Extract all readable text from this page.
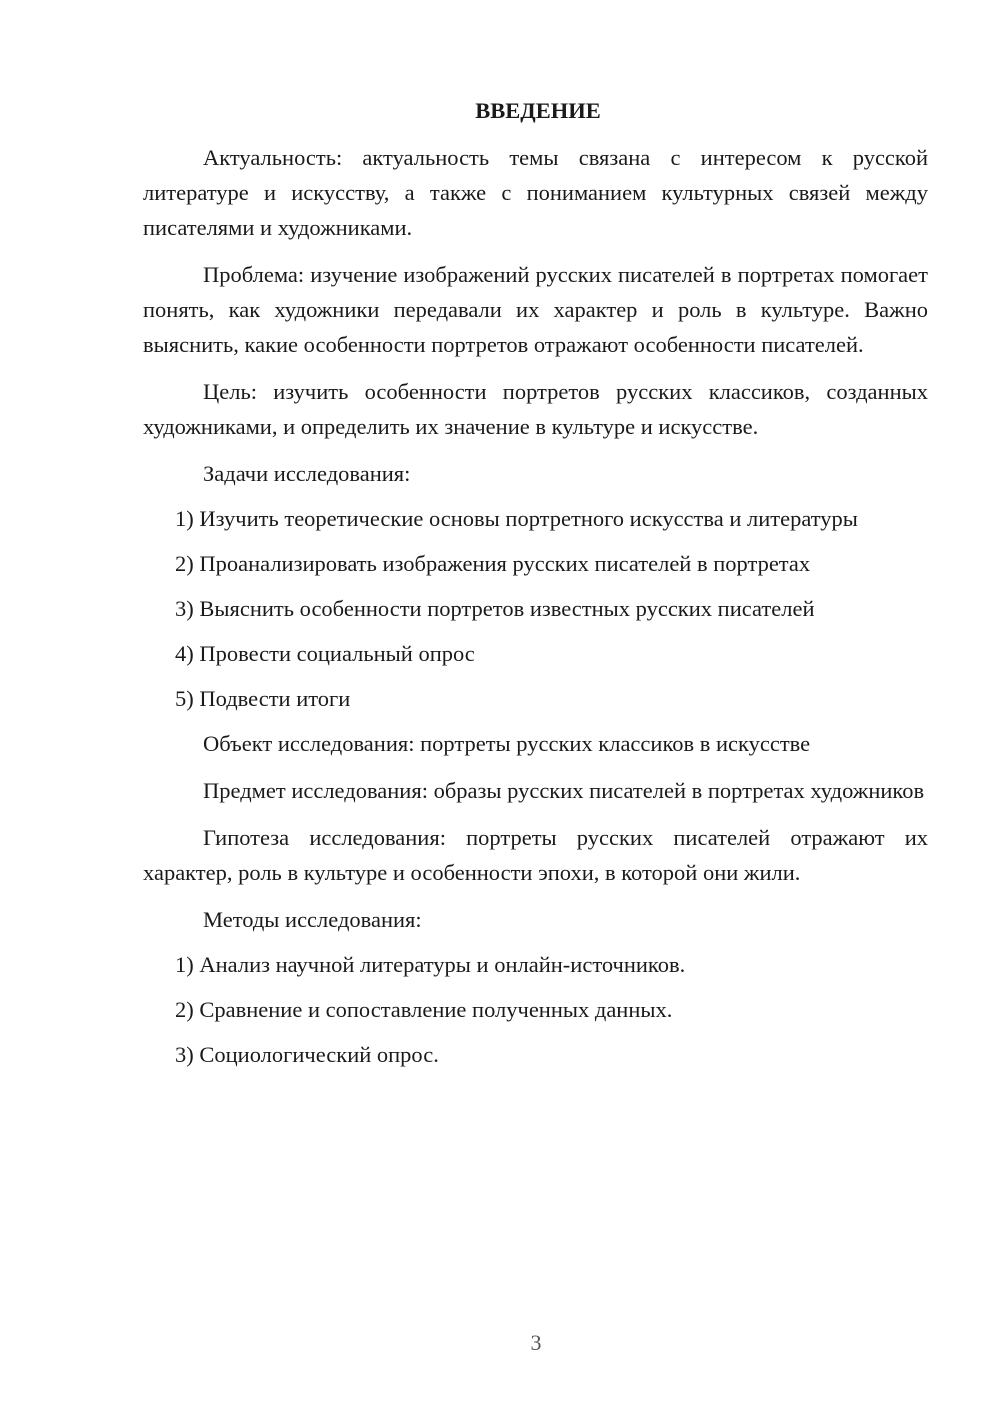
ВВЕДЕНИЕ
Актуальность: актуальность темы связана с интересом к русской литературе и искусству, а также с пониманием культурных связей между писателями и художниками.
Проблема: изучение изображений русских писателей в портретах помогает понять, как художники передавали их характер и роль в культуре. Важно выяснить, какие особенности портретов отражают особенности писателей.
Цель: изучить особенности портретов русских классиков, созданных художниками, и определить их значение в культуре и искусстве.
Задачи исследования:
1) Изучить теоретические основы портретного искусства и литературы
2) Проанализировать изображения русских писателей в портретах
3) Выяснить особенности портретов известных русских писателей
4) Провести социальный опрос
5) Подвести итоги
Объект исследования: портреты русских классиков в искусстве
Предмет исследования: образы русских писателей в портретах художников
Гипотеза исследования: портреты русских писателей отражают их характер, роль в культуре и особенности эпохи, в которой они жили.
Методы исследования:
1) Анализ научной литературы и онлайн-источников.
2) Сравнение и сопоставление полученных данных.
3) Социологический опрос.
3
